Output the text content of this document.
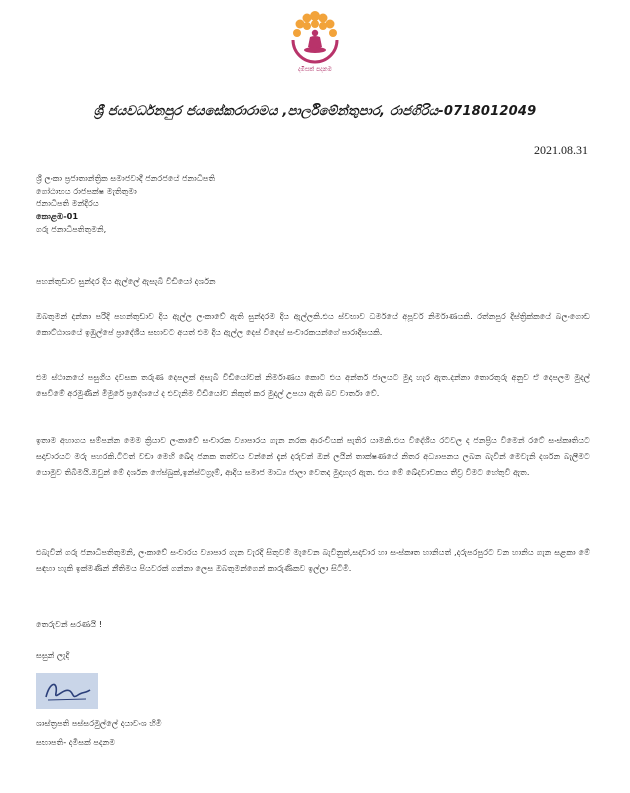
දමිසක් පදනම
ශ්‍රී ජයවර්ධනපුර ජයසේකරාරාමය ,පාර්ලිමේන්තුපාර, රාජගිරිය-0718012049
2021.08.31
ශ්‍රී ලංකා ප්‍රජාතාන්ත්‍රික සමාජවාදී ජනරජයේ ජනාධිපති
ගෝඨාභය රාජපක්ෂ මැතිතුමා
ජනාධිපති මන්දිරය
කොළඹ-01
ගරු ජනාධිපතිතුමනි,
පහන්තුඩාව සුන්දර දිය ඇල්ලේ ඇසැබි වීඩියෝ දර්ශන
ඔබතුමන් දන්නා පරිදි පහන්තුඩාව දිය ඇල්ල ලංකාවේ ඇති සුන්දරම දිය ඇල්ලකි.එය ස්වභාව ධර්මයේ අපූර්ව නිර්මාණයකි. රත්නපුර දිස්ත්‍රික්කයේ බලංගොඩ කොට්ඨාශයේ ඉඹුල්පේ ප්‍රාදේශීය සභාවට අයත් එම දිය ඇල්ල දෙස් විදෙස් සංචාරකයන්ගේ පාරාදීසයකි.
එම ස්ථානයේ පසුගිය දවසක තරුණ දෙපලක් අසැබි වීඩියෝවක් නිර්මාණය කොට එය අන්තර් ජාලයට මුදා හැර ඇත.දන්නා තොරතුරු අනුව ඒ දෙපලම මුදල් සෙවීමේ අරමුණින් මීමුරේ ප්‍රදේශයේ ද එවැනිම වීඩියෝව නිකුත් කර මුදල් උපයා ඇති බව වාර්තා වේ.
ඉතාම අහාගය සම්පන්න මෙම ක්‍රියාව ලංකාවේ සංචාරක ව්‍යාපාරය ගැන නරක ආරංචියක් පැතිර යාමකි.එය විදේශීය රටවල ද ජනප්‍රිය වීමෙන් රටේ සංස්කෘතියට සදාචාරයට මරු පහරකි.ටිටත් වඩා මෙහි ඛේද ජනක තත්වය වන්නේ දැන් දරුවන් ඔන් ලයින් තාක්ෂණයේ නිතර අධ්‍යාපනය ලබන බැවින් මෙවැනි දර්ශන බැලීමට යොමුව තිබීමයි.ඔවුන් මේ දර්ශන ෆේස්බුක්,ඉන්ස්ටග්‍රෑම්, ආදිය සමාජ මාධ්‍ය ජාලා වෙතද මුදාහැර ඇත. එය මේ ඛේදවාචකය තීව්‍ර වීමට හේතුවී ඇත.
එබැවින් ගරු ජනාධිපතිතුමනි, ලංකාවේ සංචාරය ව්‍යාපාර ගැන වැරදි සිතුවම් මැවෙන බැවිනුත්,සදාචාර හා සංස්කෘත හානියත් ,දරුපරපුරට වන හානිය ගැන සළකා මේ සඳහා හැකි ඉක්මණින් නීතිමය පියවරක් ගන්නා ලෙස ඔබතුමන්ගෙන් කාරුණිකව ඉල්ලා සිටිමි.
තෙරුවන් සරණයි !
සසුන් ලැදි
ශාස්ත්‍රපති පස්සරමුල්ලේ දයාවංශ හිමි
සභාපති- දමිසක් පදනම
